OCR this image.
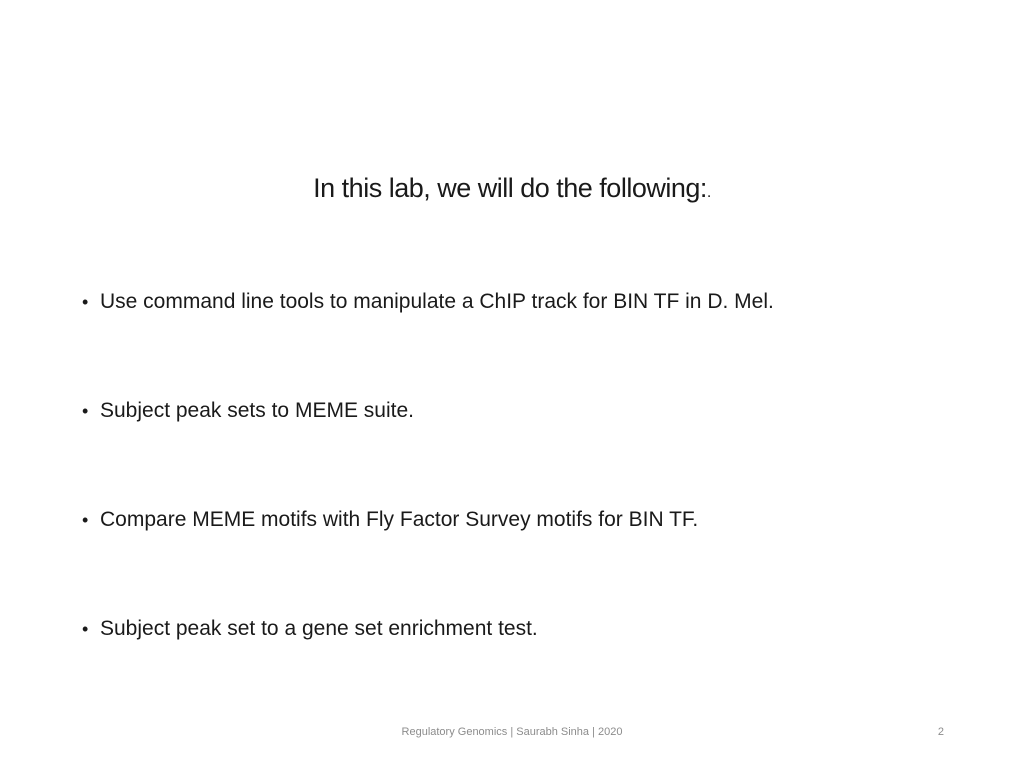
In this lab, we will do the following:.
• Use command line tools to manipulate a ChIP track for BIN TF in D. Mel.
• Subject peak sets to MEME suite.
• Compare MEME motifs with Fly Factor Survey motifs for BIN TF.
• Subject peak set to a gene set enrichment test.
Regulatory Genomics | Saurabh Sinha | 2020	2
